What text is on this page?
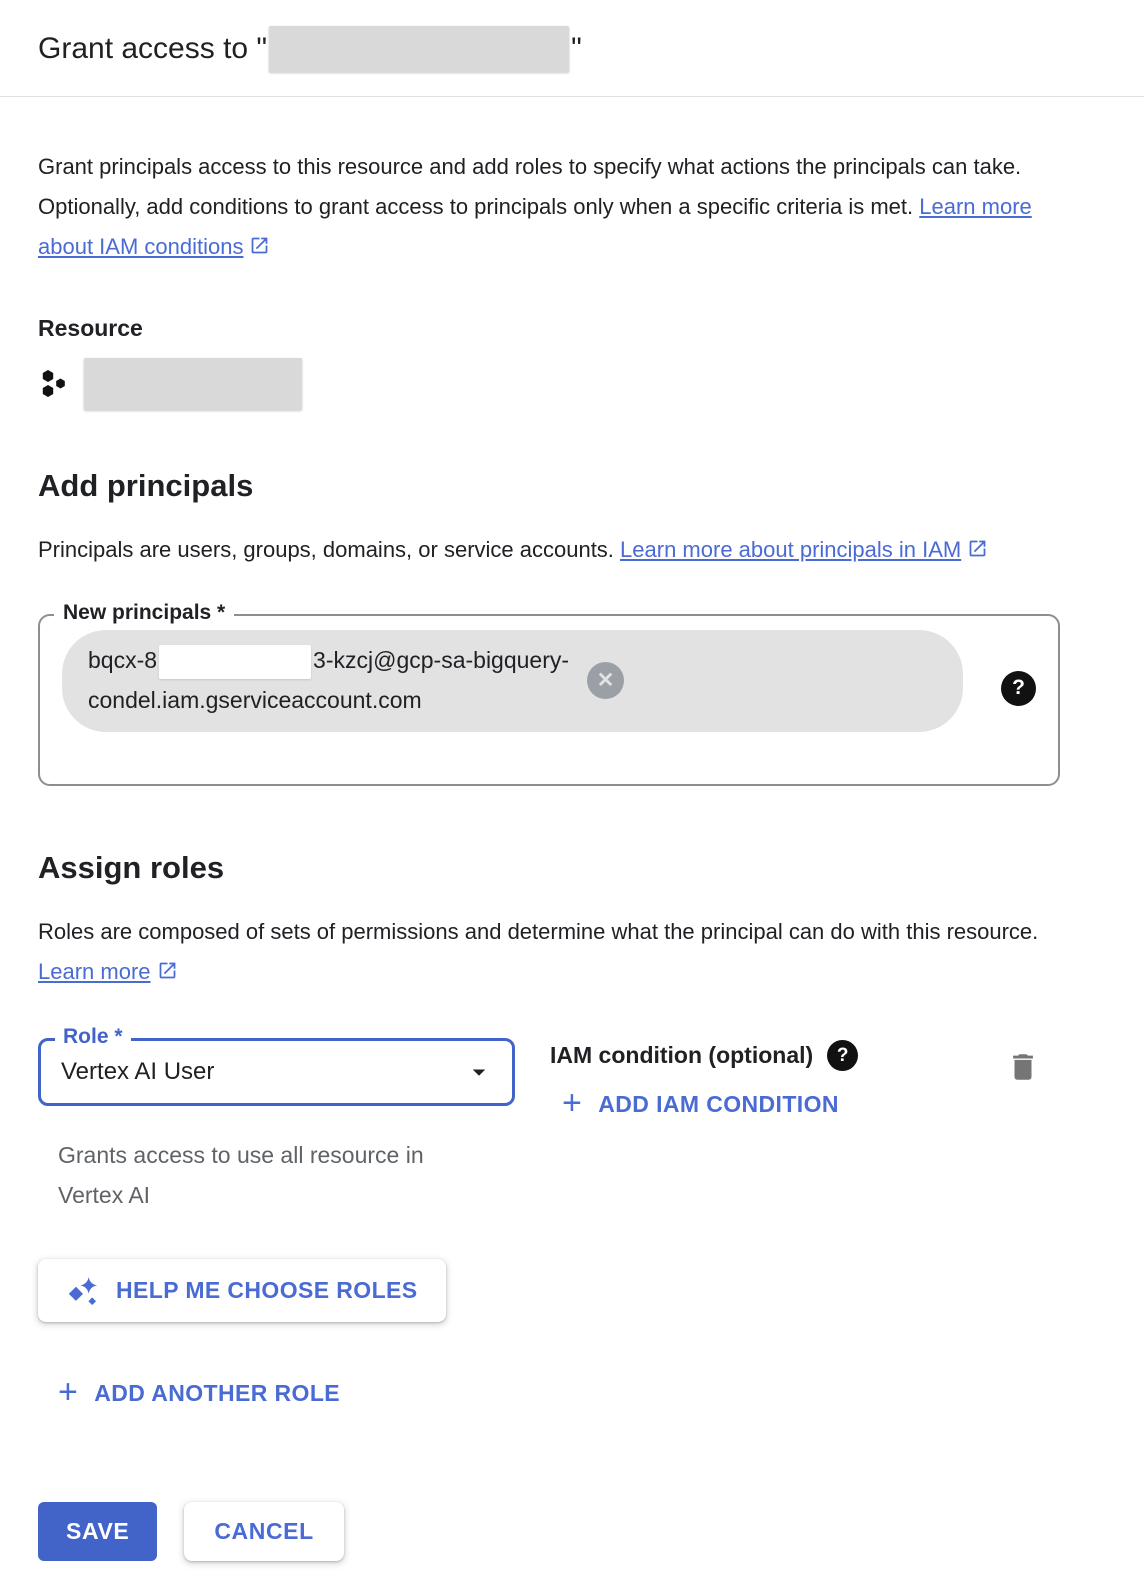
Grant access to "	"

Grant principals access to this resource and add roles to specify what actions the principals can take. Optionally, add conditions to grant access to principals only when a specific criteria is met. Learn more about IAM conditions

Resource
Add principals

Principals are users, groups, domains, or service accounts. Learn more about principals in IAM

New principals *
bqcx-8	3-kzcj@gcp-sa-bigquery-
condel.iam.gserviceaccount.com
✕	?
Assign roles

Roles are composed of sets of permissions and determine what the principal can do with this resource. Learn more

Role *
Vertex AI User
IAM condition (optional) ?
+ ADD IAM CONDITION
Grants access to use all resource in Vertex AI
HELP ME CHOOSE ROLES
+ ADD ANOTHER ROLE
SAVE	CANCEL
